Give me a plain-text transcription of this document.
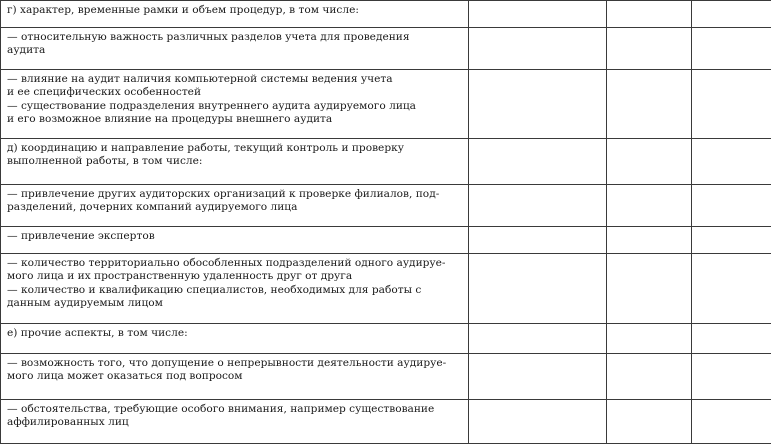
г) характер, временные рамки и объем процедур, в том числе:			

— относительную важность различных разделов учета для проведения
аудита			

— влияние на аудит наличия компьютерной системы ведения учета
и ее специфических особенностей
— существование подразделения внутреннего аудита аудируемого лица
и его возможное влияние на процедуры внешнего аудита			

д) координацию и направление работы, текущий контроль и проверку
выполненной работы, в том числе:			

— привлечение других аудиторских организаций к проверке филиалов, под-
разделений, дочерних компаний аудируемого лица			

— привлечение экспертов			

— количество территориально обособленных подразделений одного аудируе-
мого лица и их пространственную удаленность друг от друга
— количество и квалификацию специалистов, необходимых для работы с
данным аудируемым лицом			

е) прочие аспекты, в том числе:			

— возможность того, что допущение о непрерывности деятельности аудируе-
мого лица может оказаться под вопросом			

— обстоятельства, требующие особого внимания, например существование
аффилированных лиц			
